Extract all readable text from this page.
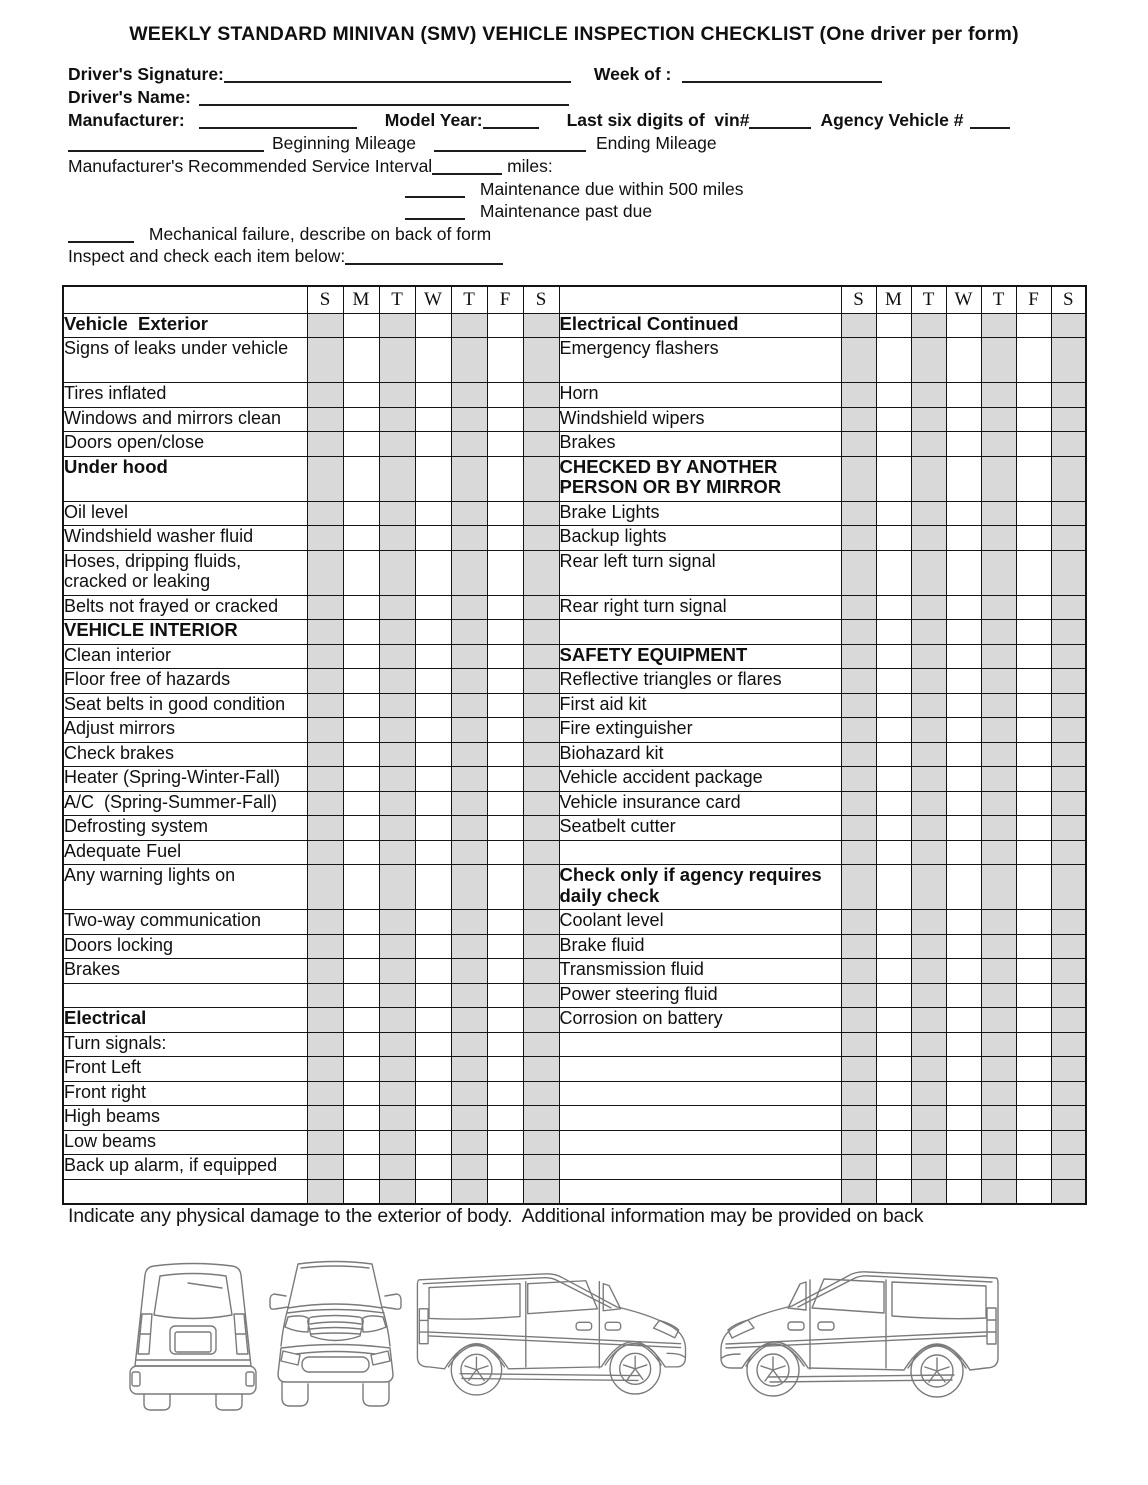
WEEKLY STANDARD MINIVAN (SMV) VEHICLE INSPECTION CHECKLIST (One driver per form)
Driver's Signature:	Week of :
Driver's Name:
Manufacturer:	Model Year:	Last six digits of  vin#	Agency Vehicle #
Beginning Mileage	Ending Mileage
Manufacturer's Recommended Service Interval	miles:
Maintenance due within 500 miles
Maintenance past due
Mechanical failure, describe on back of form
Inspect and check each item below:
	S	M	T	W	T	F	S		S	M	T	W	T	F	S
Vehicle  Exterior								Electrical Continued							
Signs of leaks under vehicle								Emergency flashers							
Tires inflated								Horn							
Windows and mirrors clean								Windshield wipers							
Doors open/close								Brakes							
Under hood								CHECKED BY ANOTHER PERSON OR BY MIRROR							
Oil level								Brake Lights							
Windshield washer fluid								Backup lights							
Hoses, dripping fluids, cracked or leaking								Rear left turn signal							
Belts not frayed or cracked								Rear right turn signal							
VEHICLE INTERIOR															
Clean interior								SAFETY EQUIPMENT							
Floor free of hazards								Reflective triangles or flares							
Seat belts in good condition								First aid kit							
Adjust mirrors								Fire extinguisher							
Check brakes								Biohazard kit							
Heater (Spring-Winter-Fall)								Vehicle accident package							
A/C  (Spring-Summer-Fall)								Vehicle insurance card							
Defrosting system								Seatbelt cutter							
Adequate Fuel															
Any warning lights on								Check only if agency requires daily check							
Two-way communication								Coolant level							
Doors locking								Brake fluid							
Brakes								Transmission fluid							
								Power steering fluid							
Electrical								Corrosion on battery							
Turn signals:															
Front Left															
Front right															
High beams															
Low beams															
Back up alarm, if equipped															

Indicate any physical damage to the exterior of body.  Additional information may be provided on back
